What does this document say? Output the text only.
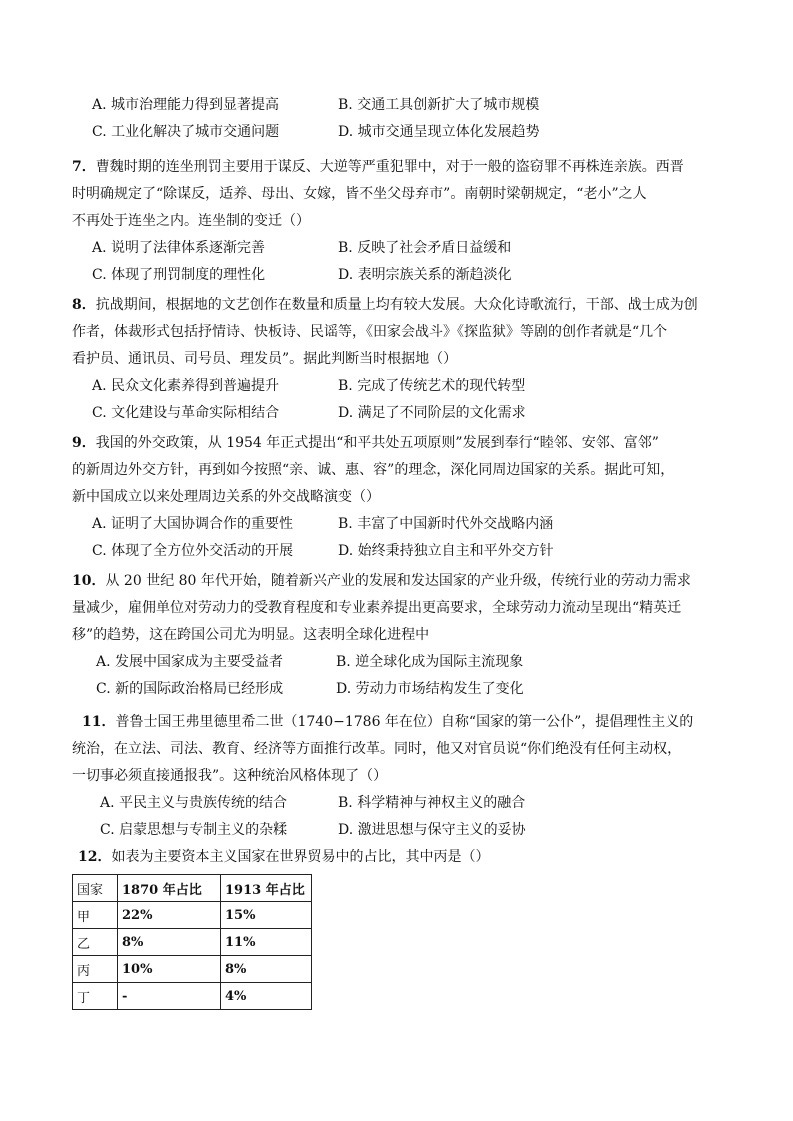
A. 城市治理能力得到显著提高	B. 交通工具创新扩大了城市规模
C. 工业化解决了城市交通问题	D. 城市交通呈现立体化发展趋势
7．曹魏时期的连坐刑罚主要用于谋反、大逆等严重犯罪中，对于一般的盗窃罪不再株连亲族。西晋
时明确规定了“除谋反，适养、母出、女嫁，皆不坐父母弃市”。南朝时梁朝规定，“老小”之人
不再处于连坐之内。连坐制的变迁（）
A. 说明了法律体系逐渐完善	B. 反映了社会矛盾日益缓和
C. 体现了刑罚制度的理性化	D. 表明宗族关系的渐趋淡化
8．抗战期间，根据地的文艺创作在数量和质量上均有较大发展。大众化诗歌流行，干部、战士成为创
作者，体裁形式包括抒情诗、快板诗、民谣等，《田家会战斗》《探监狱》等剧的创作者就是“几个
看护员、通讯员、司号员、理发员”。据此判断当时根据地（）
A. 民众文化素养得到普遍提升	B. 完成了传统艺术的现代转型
C. 文化建设与革命实际相结合	D. 满足了不同阶层的文化需求
9．我国的外交政策，从 1954 年正式提出“和平共处五项原则”发展到奉行“睦邻、安邻、富邻”
的新周边外交方针，再到如今按照“亲、诚、惠、容”的理念，深化同周边国家的关系。据此可知，
新中国成立以来处理周边关系的外交战略演变（）
A. 证明了大国协调合作的重要性	B. 丰富了中国新时代外交战略内涵
C. 体现了全方位外交活动的开展	D. 始终秉持独立自主和平外交方针
10．从 20 世纪 80 年代开始，随着新兴产业的发展和发达国家的产业升级，传统行业的劳动力需求
量减少，雇佣单位对劳动力的受教育程度和专业素养提出更高要求，全球劳动力流动呈现出“精英迁
移”的趋势，这在跨国公司尤为明显。这表明全球化进程中
A. 发展中国家成为主要受益者	B. 逆全球化成为国际主流现象
C. 新的国际政治格局已经形成	D. 劳动力市场结构发生了变化
11．普鲁士国王弗里德里希二世（1740−1786 年在位）自称“国家的第一公仆”，提倡理性主义的
统治，在立法、司法、教育、经济等方面推行改革。同时，他又对官员说“你们绝没有任何主动权，
一切事必须直接通报我”。这种统治风格体现了（）
A. 平民主义与贵族传统的结合	B. 科学精神与神权主义的融合
C. 启蒙思想与专制主义的杂糅	D. 激进思想与保守主义的妥协
12．如表为主要资本主义国家在世界贸易中的占比，其中丙是（）
国家	1870 年占比	1913 年占比
甲	22%	15%
乙	8%	11%
丙	10%	8%
丁	-	4%
